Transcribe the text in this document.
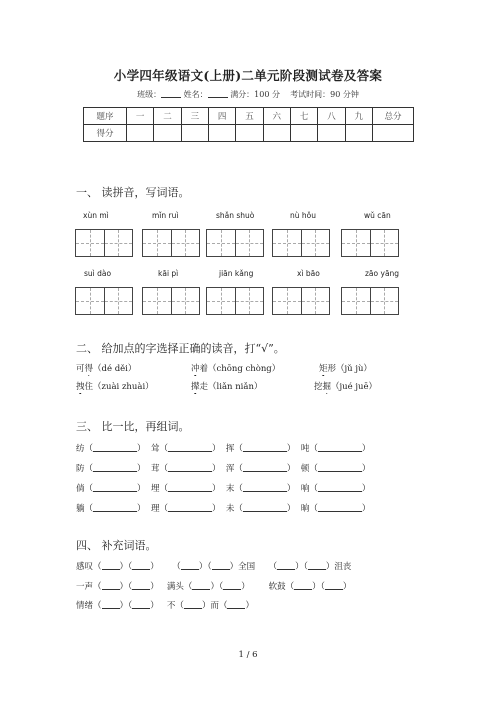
小学四年级语文(上册)二单元阶段测试卷及答案
班级：	姓名：	满分：100 分 考试时间：90 分钟
题序	一	二	三	四	五	六	七	八	九	总分
得分										
一、 读拼音，写词语。
xùn mì	mǐn ruì	shǎn shuò	nù hǒu	wǔ cān
suì dào	kāi pì	jiān kǎng	xì bāo	zāo yāng
二、 给加点的字选择正确的读音，打“√”。
可得（dé děi）	冲着（chōng chòng）	矩形（jǔ jù）
拽住（zuài zhuài）	撵走（liǎn niǎn）	挖掘（jué juē）
三、 比一比，再组词。
纺（	）  耸（	）  挥（	）  吨（	）
防（	）  茸（	）  浑（	）  顿（	）
倘（	）  埋（	）  末（	）  响（	）
躺（	）  理（	）  未（	）  晌（	）
四、 补充词语。
感叹（ ）（ ）     （ ）（ ）全国     （ ）（ ）沮丧
一声（ ）（ ）   满头（ ）（ ）       软鼓（ ）（ ）
情绪（ ）（ ）   不（ ）而（ ）
1 / 6
